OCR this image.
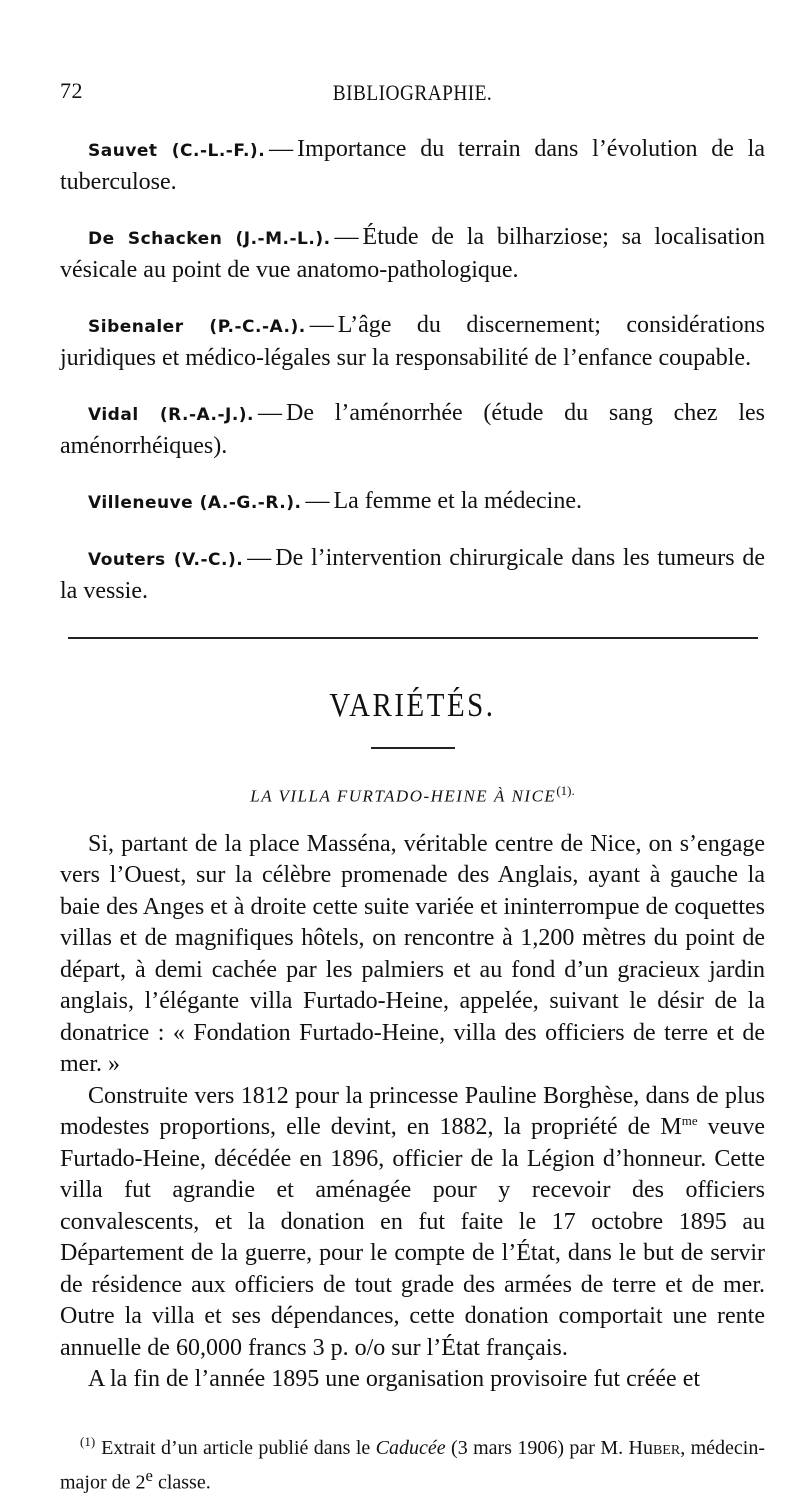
72	BIBLIOGRAPHIE.

Sauvet (C.-L.-F.). — Importance du terrain dans l’évolution de la tuberculose.

De Schacken (J.-M.-L.). — Étude de la bilharziose; sa localisation vésicale au point de vue anatomo-pathologique.

Sibenaler (P.-C.-A.). — L’âge du discernement; considérations juridiques et médico-légales sur la responsabilité de l’enfance coupable.

Vidal (R.-A.-J.). — De l’aménorrhée (étude du sang chez les aménorrhéiques).

Villeneuve (A.-G.-R.). — La femme et la médecine.

Vouters (V.-C.). — De l’intervention chirurgicale dans les tumeurs de la vessie.

VARIÉTÉS.
LA VILLA FURTADO-HEINE À $NICE^{(1).}$

Si, partant de la place Masséna, véritable centre de Nice, on s’engage vers l’Ouest, sur la célèbre promenade des Anglais, ayant à gauche la baie des Anges et à droite cette suite variée et ininterrompue de coquettes villas et de magnifiques hôtels, on rencontre à 1,200 mètres du point de départ, à demi cachée par les palmiers et au fond d’un gracieux jardin anglais, l’élégante villa Furtado-Heine, appelée, suivant le désir de la donatrice : « Fondation Furtado-Heine, villa des officiers de terre et de mer. »

Construite vers 1812 pour la princesse Pauline Borghèse, dans de plus modestes proportions, elle devint, en 1882, la propriété de $M^{me}$ veuve Furtado-Heine, décédée en 1896, officier de la Légion d’honneur. Cette villa fut agrandie et aménagée pour y recevoir des officiers convalescents, et la donation en fut faite le 17 octobre 1895 au Département de la guerre, pour le compte de l’État, dans le but de servir de résidence aux officiers de tout grade des armées de terre et de mer. Outre la villa et ses dépendances, cette donation comportait une rente annuelle de 60,000 francs 3 p. o/o sur l’État français.

A la fin de l’année 1895 une organisation provisoire fut créée et

$^{(1)}$ Extrait d’un article publié dans le Caducée (3 mars 1906) par M. Huber, médecin-major de 2e classe.
